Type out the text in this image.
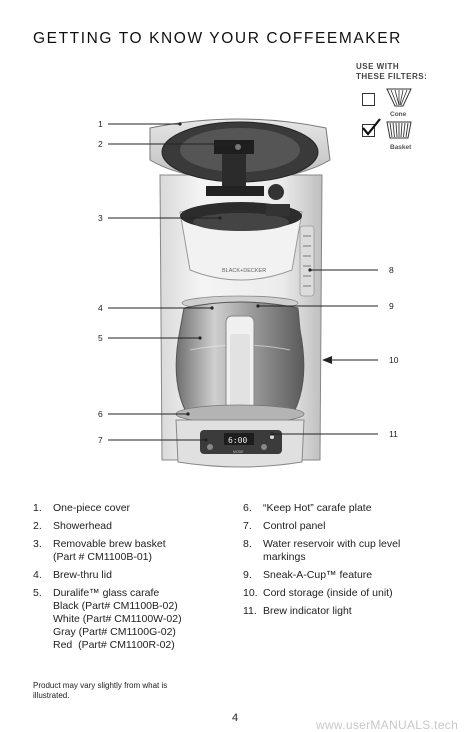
GETTING TO KNOW YOUR COFFEEMAKER
USE WITH
THESE FILTERS:
Cone
Basket
BLACK+DECKER
6:00
MODE
1
2
3
4
5
6
7
8
9
10
11
1.	One-piece cover
2.	Showerhead
3.	Removable brew basket (Part # CM1100B-01)
4.	Brew-thru lid
5.	Duralife™ glass carafe
Black (Part# CM1100B-02)
White (Part# CM1100W-02)
Gray (Part# CM1100G-02)
Red  (Part# CM1100R-02)
6.	“Keep Hot” carafe plate
7.	Control panel
8.	Water reservoir with cup level markings
9.	Sneak-A-Cup™ feature
10. Cord storage (inside of unit)
11. Brew indicator light
Product may vary slightly from what is illustrated.
4	www.userMANUALS.tech
